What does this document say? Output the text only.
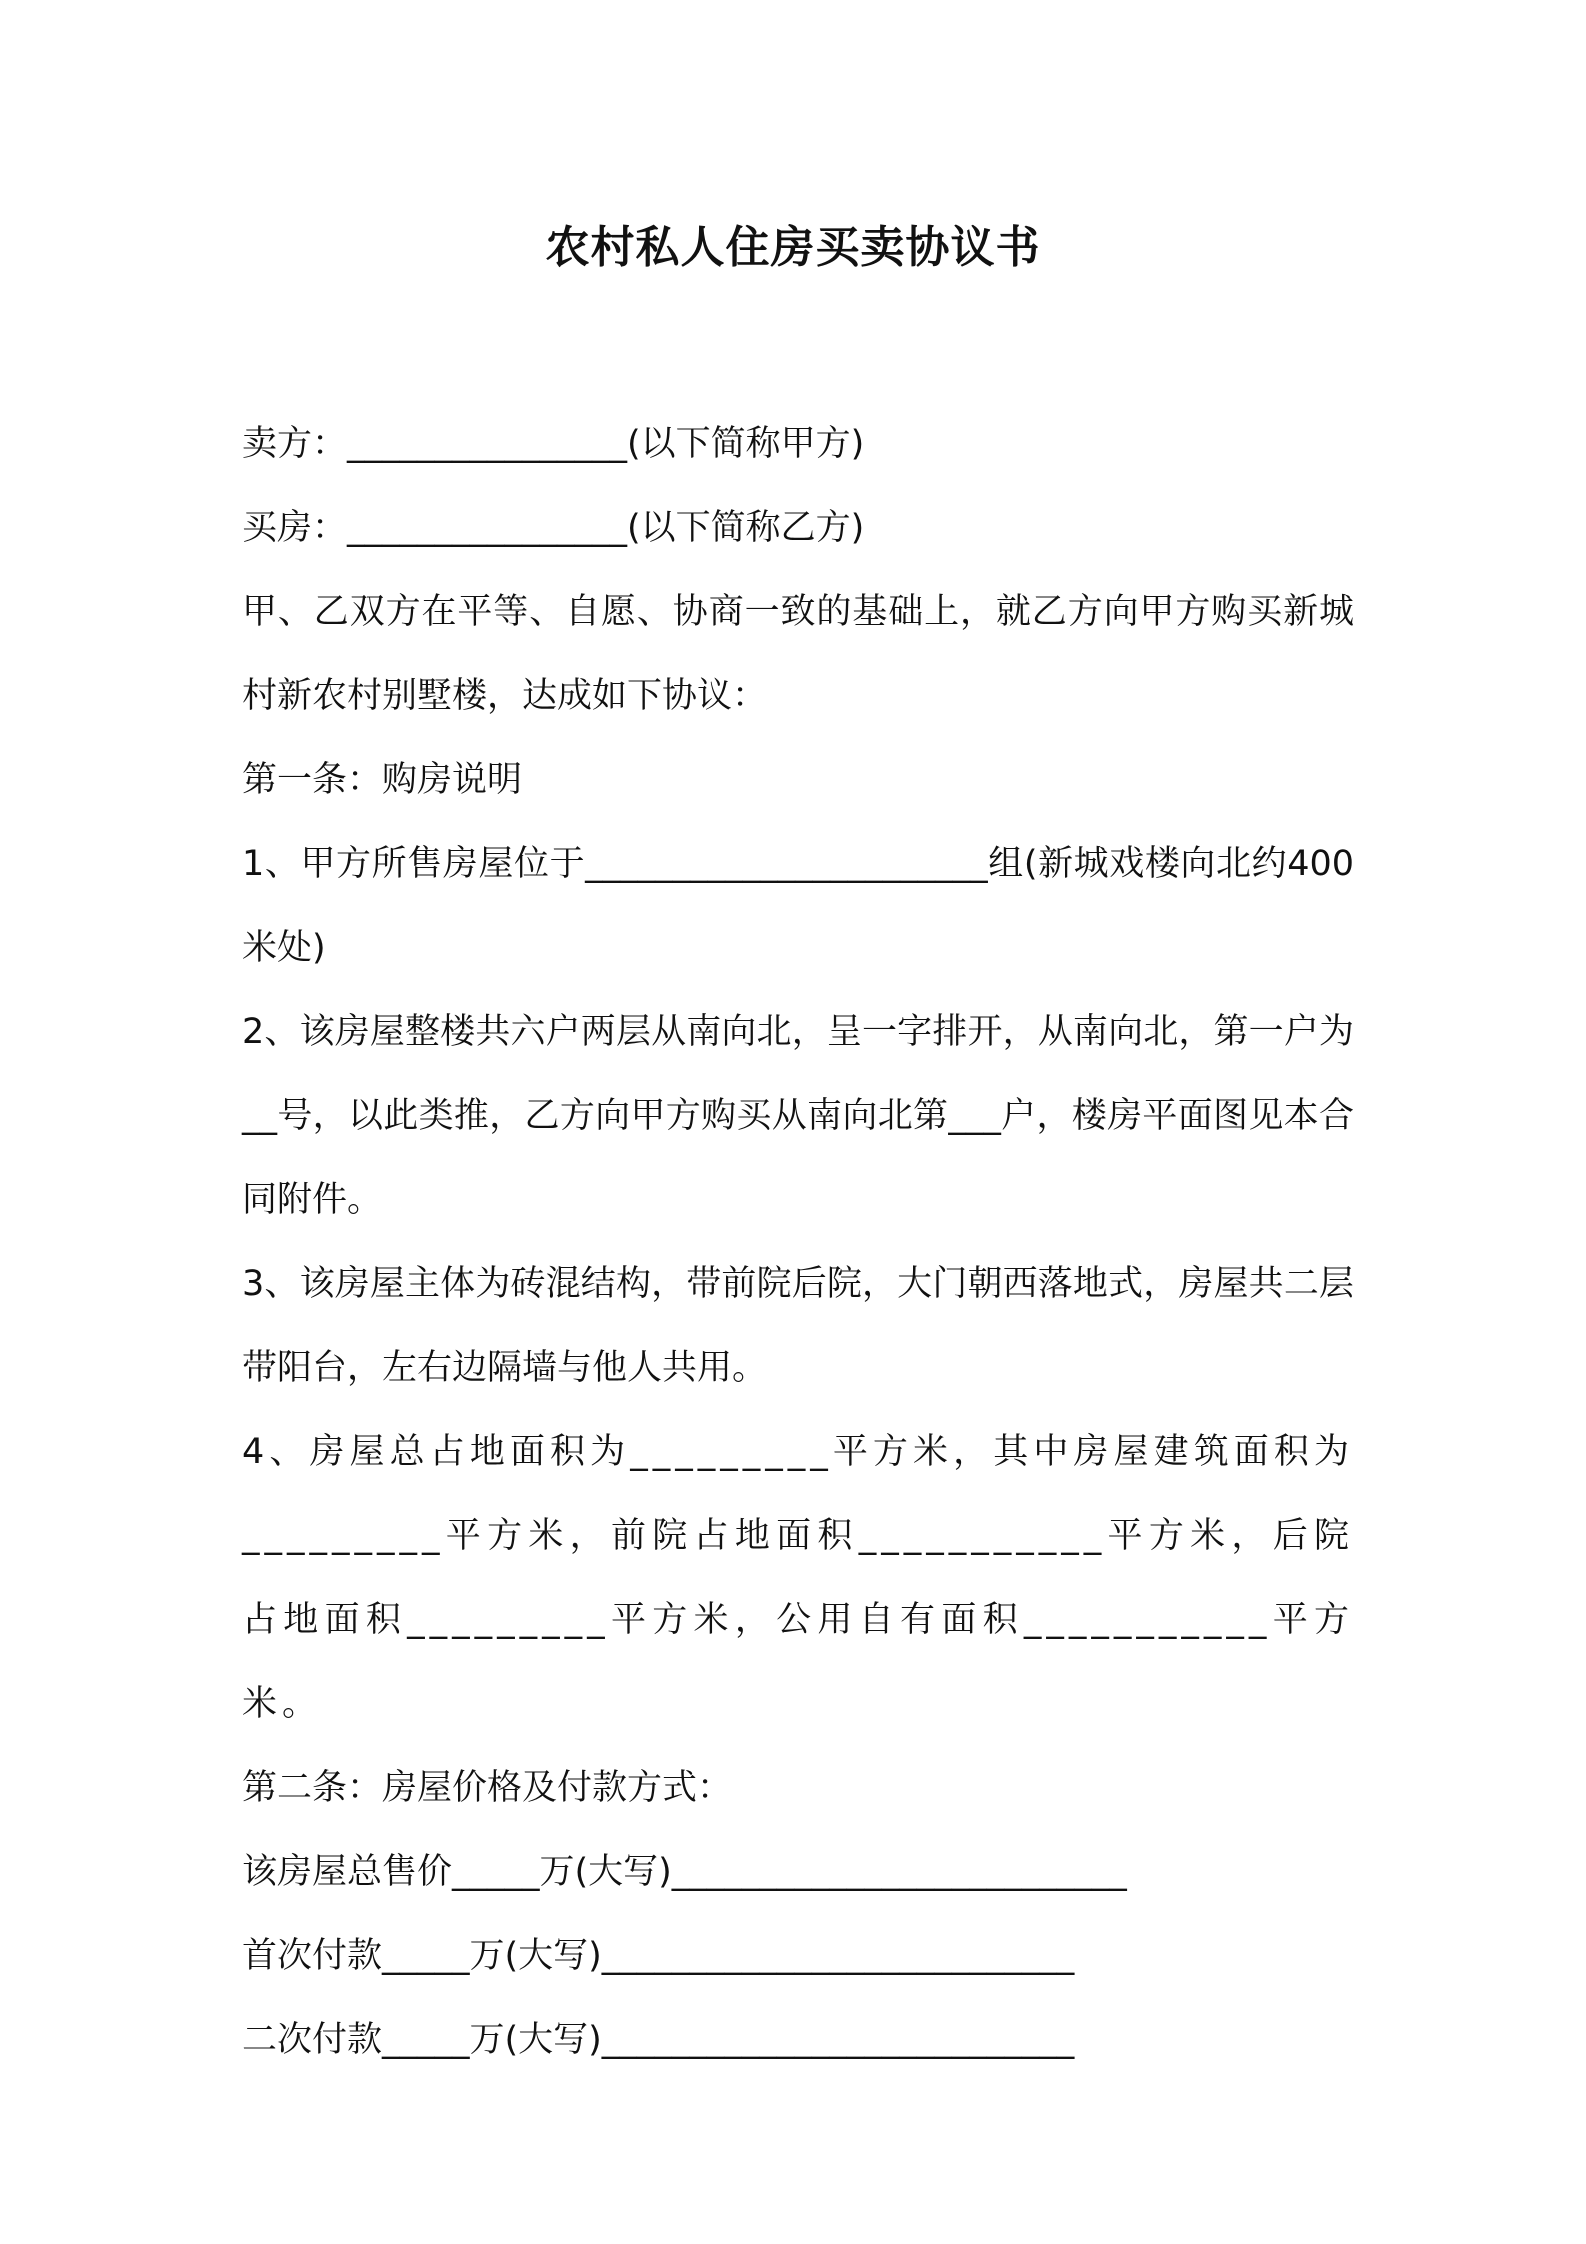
农村私人住房买卖协议书

卖方：________________(以下简称甲方)

买房：________________(以下简称乙方)

甲、乙双方在平等、自愿、协商一致的基础上，就乙方向甲方购买新城村新农村别墅楼，达成如下协议：

第一条：购房说明

1、甲方所售房屋位于_______________________组(新城戏楼向北约400米处)

2、该房屋整楼共六户两层从南向北，呈一字排开，从南向北，第一户为__号，以此类推，乙方向甲方购买从南向北第___户，楼房平面图见本合同附件。

3、该房屋主体为砖混结构，带前院后院，大门朝西落地式，房屋共二层带阳台，左右边隔墙与他人共用。

4、房屋总占地面积为_________平方米，其中房屋建筑面积为_________平方米，前院占地面积___________平方米，后院占地面积_________平方米，公用自有面积___________平方米。

第二条：房屋价格及付款方式：

该房屋总售价_____万(大写)__________________________

首次付款_____万(大写)___________________________

二次付款_____万(大写)___________________________
